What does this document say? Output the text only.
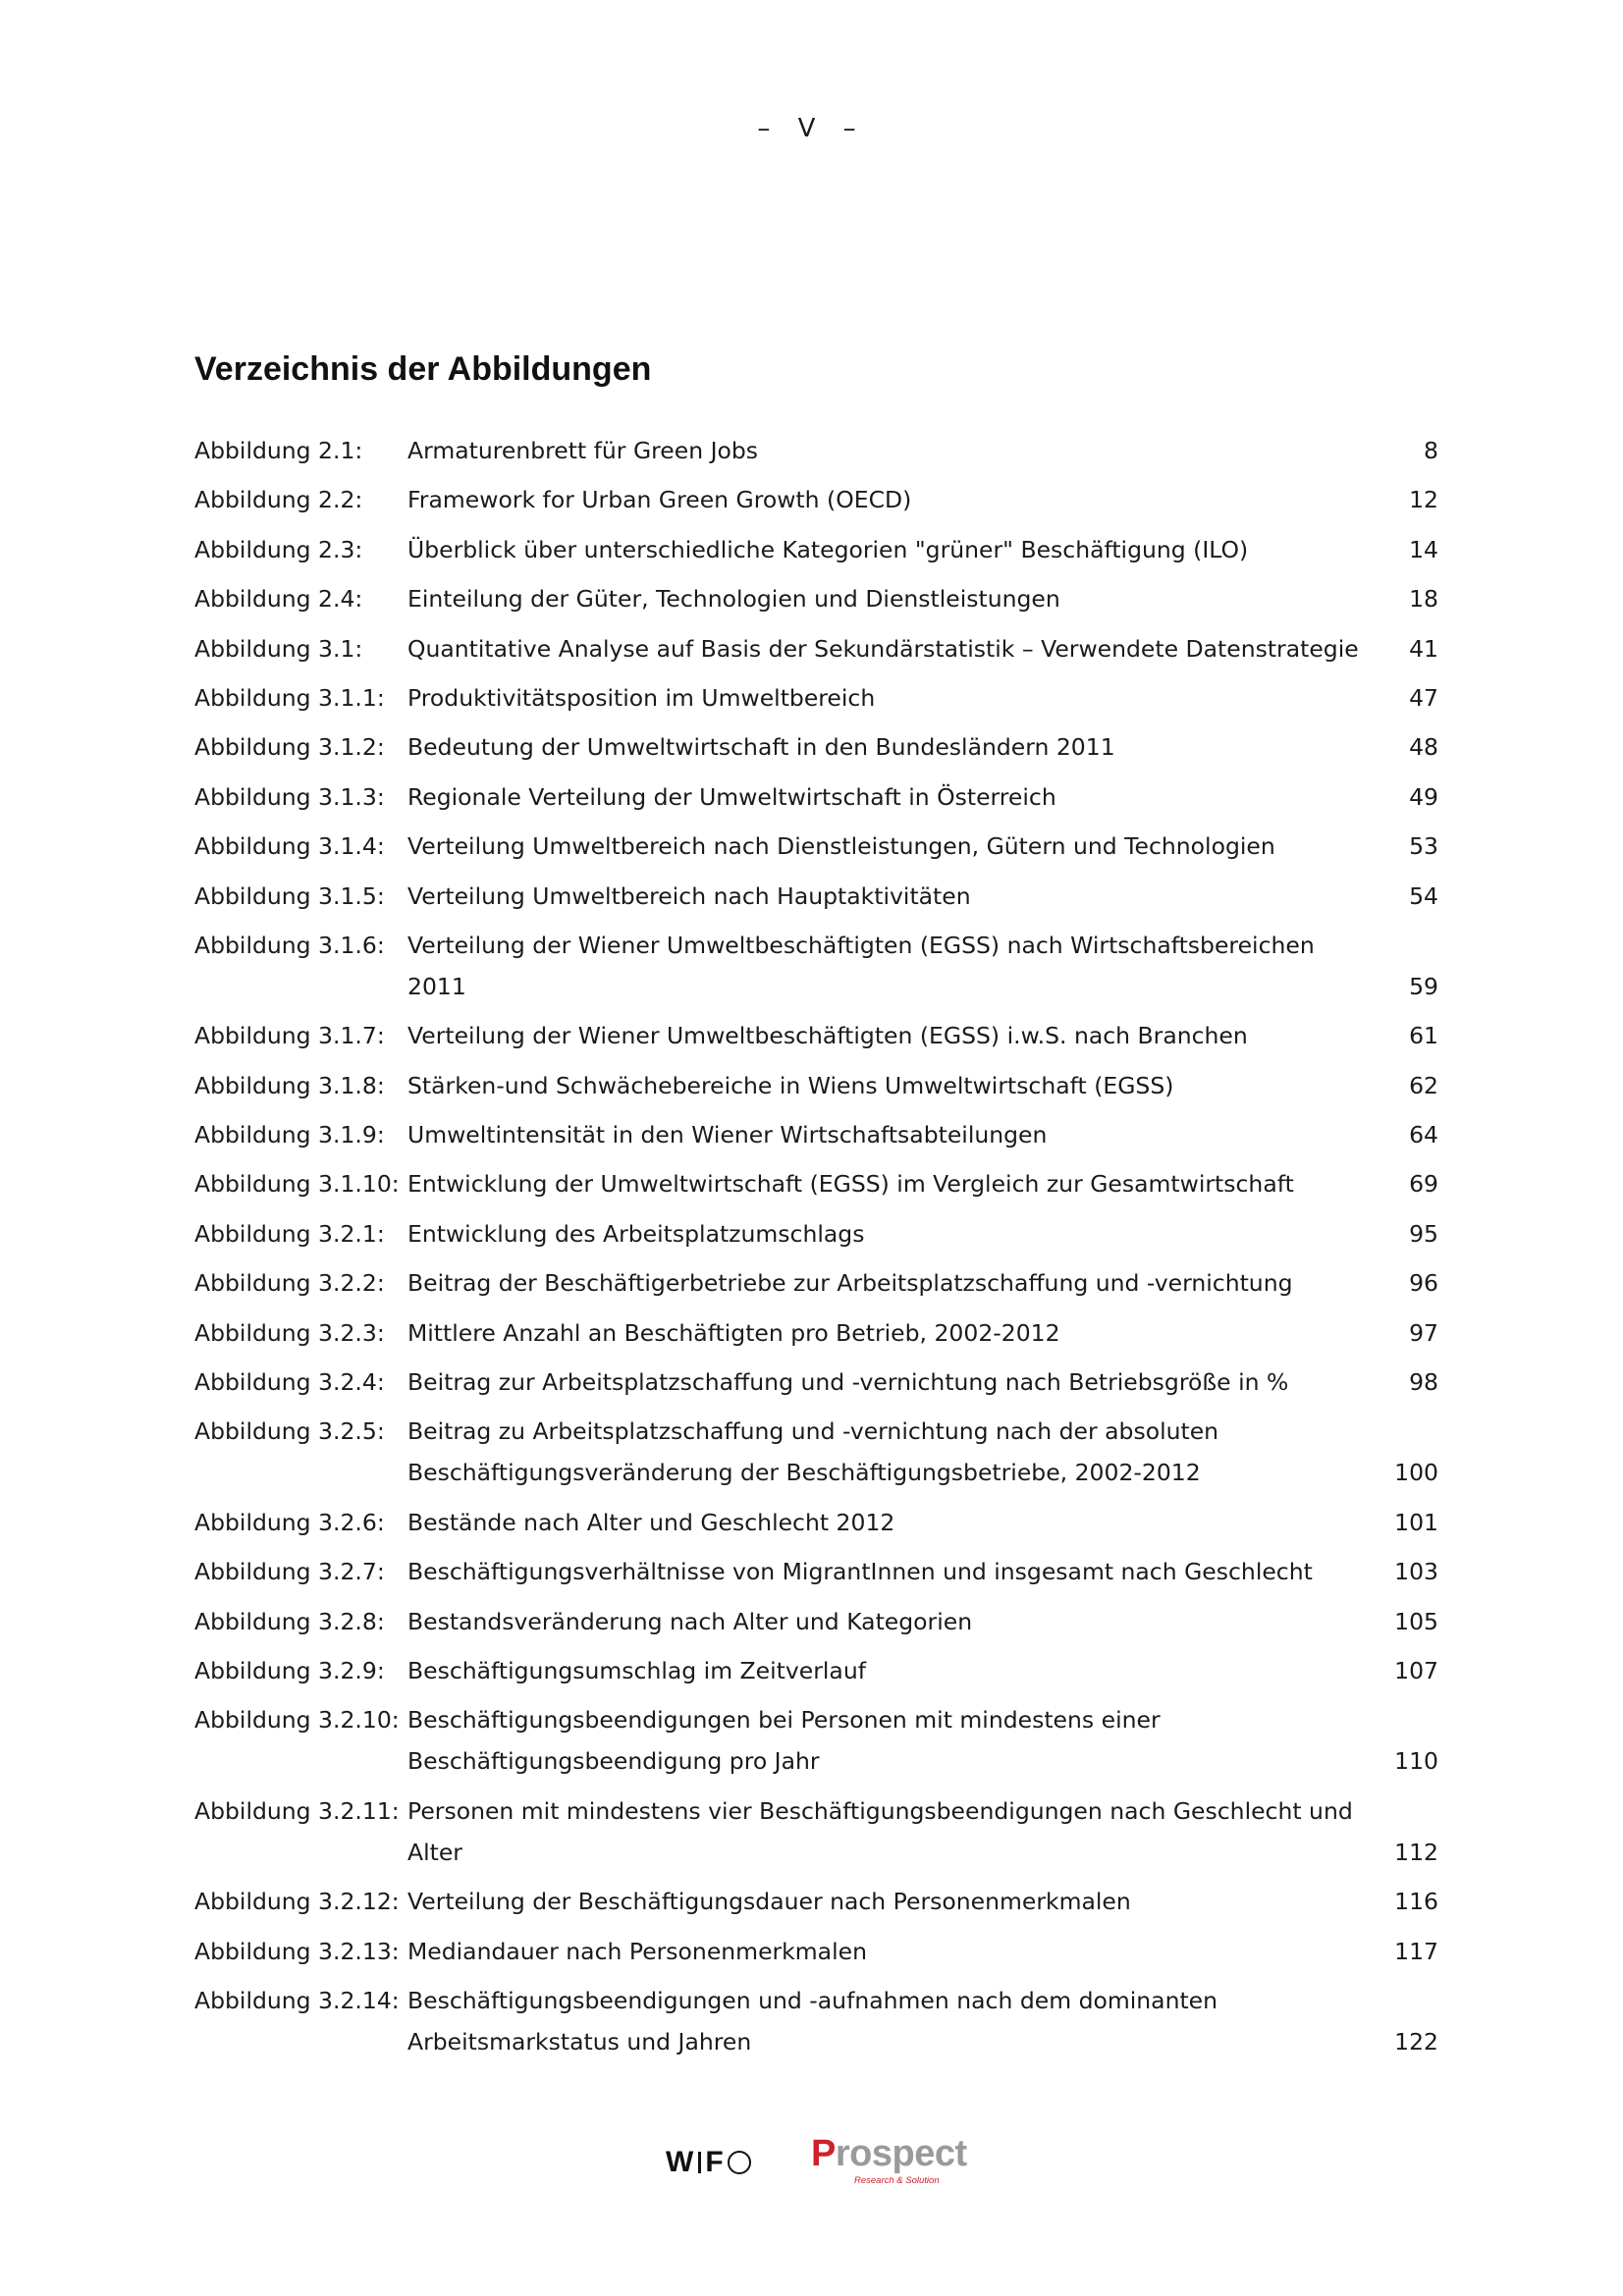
– V –
Verzeichnis der Abbildungen
Abbildung 2.1:	Armaturenbrett für Green Jobs	8
Abbildung 2.2:	Framework for Urban Green Growth (OECD)	12
Abbildung 2.3:	Überblick über unterschiedliche Kategorien "grüner" Beschäftigung (ILO)	14
Abbildung 2.4:	Einteilung der Güter, Technologien und Dienstleistungen	18
Abbildung 3.1:	Quantitative Analyse auf Basis der Sekundärstatistik – Verwendete Datenstrategie	41
Abbildung 3.1.1: Produktivitätsposition im Umweltbereich	47
Abbildung 3.1.2: Bedeutung der Umweltwirtschaft in den Bundesländern 2011	48
Abbildung 3.1.3: Regionale Verteilung der Umweltwirtschaft in Österreich	49
Abbildung 3.1.4: Verteilung Umweltbereich nach Dienstleistungen, Gütern und Technologien	53
Abbildung 3.1.5: Verteilung Umweltbereich nach Hauptaktivitäten	54
Abbildung 3.1.6: Verteilung der Wiener Umweltbeschäftigten (EGSS) nach Wirtschaftsbereichen 2011	59
Abbildung 3.1.7: Verteilung der Wiener Umweltbeschäftigten (EGSS) i.w.S. nach Branchen	61
Abbildung 3.1.8: Stärken-und Schwächebereiche in Wiens Umweltwirtschaft (EGSS)	62
Abbildung 3.1.9: Umweltintensität in den Wiener Wirtschaftsabteilungen	64
Abbildung 3.1.10: Entwicklung der Umweltwirtschaft (EGSS) im Vergleich zur Gesamtwirtschaft	69
Abbildung 3.2.1: Entwicklung des Arbeitsplatzumschlags	95
Abbildung 3.2.2: Beitrag der Beschäftigerbetriebe zur Arbeitsplatzschaffung und -vernichtung	96
Abbildung 3.2.3: Mittlere Anzahl an Beschäftigten pro Betrieb, 2002-2012	97
Abbildung 3.2.4: Beitrag zur Arbeitsplatzschaffung und -vernichtung nach Betriebsgröße in %	98
Abbildung 3.2.5: Beitrag zu Arbeitsplatzschaffung und -vernichtung nach der absoluten Beschäftigungsveränderung der Beschäftigungsbetriebe, 2002-2012	100
Abbildung 3.2.6: Bestände nach Alter und Geschlecht 2012	101
Abbildung 3.2.7: Beschäftigungsverhältnisse von MigrantInnen und insgesamt nach Geschlecht	103
Abbildung 3.2.8: Bestandsveränderung nach Alter und Kategorien	105
Abbildung 3.2.9: Beschäftigungsumschlag im Zeitverlauf	107
Abbildung 3.2.10: Beschäftigungsbeendigungen bei Personen mit mindestens einer Beschäftigungsbeendigung pro Jahr	110
Abbildung 3.2.11: Personen mit mindestens vier Beschäftigungsbeendigungen nach Geschlecht und Alter	112
Abbildung 3.2.12: Verteilung der Beschäftigungsdauer nach Personenmerkmalen	116
Abbildung 3.2.13: Mediandauer nach Personenmerkmalen	117
Abbildung 3.2.14: Beschäftigungsbeendigungen und -aufnahmen nach dem dominanten Arbeitsmarkstatus und Jahren	122
W F Prospect
Research & Solution
